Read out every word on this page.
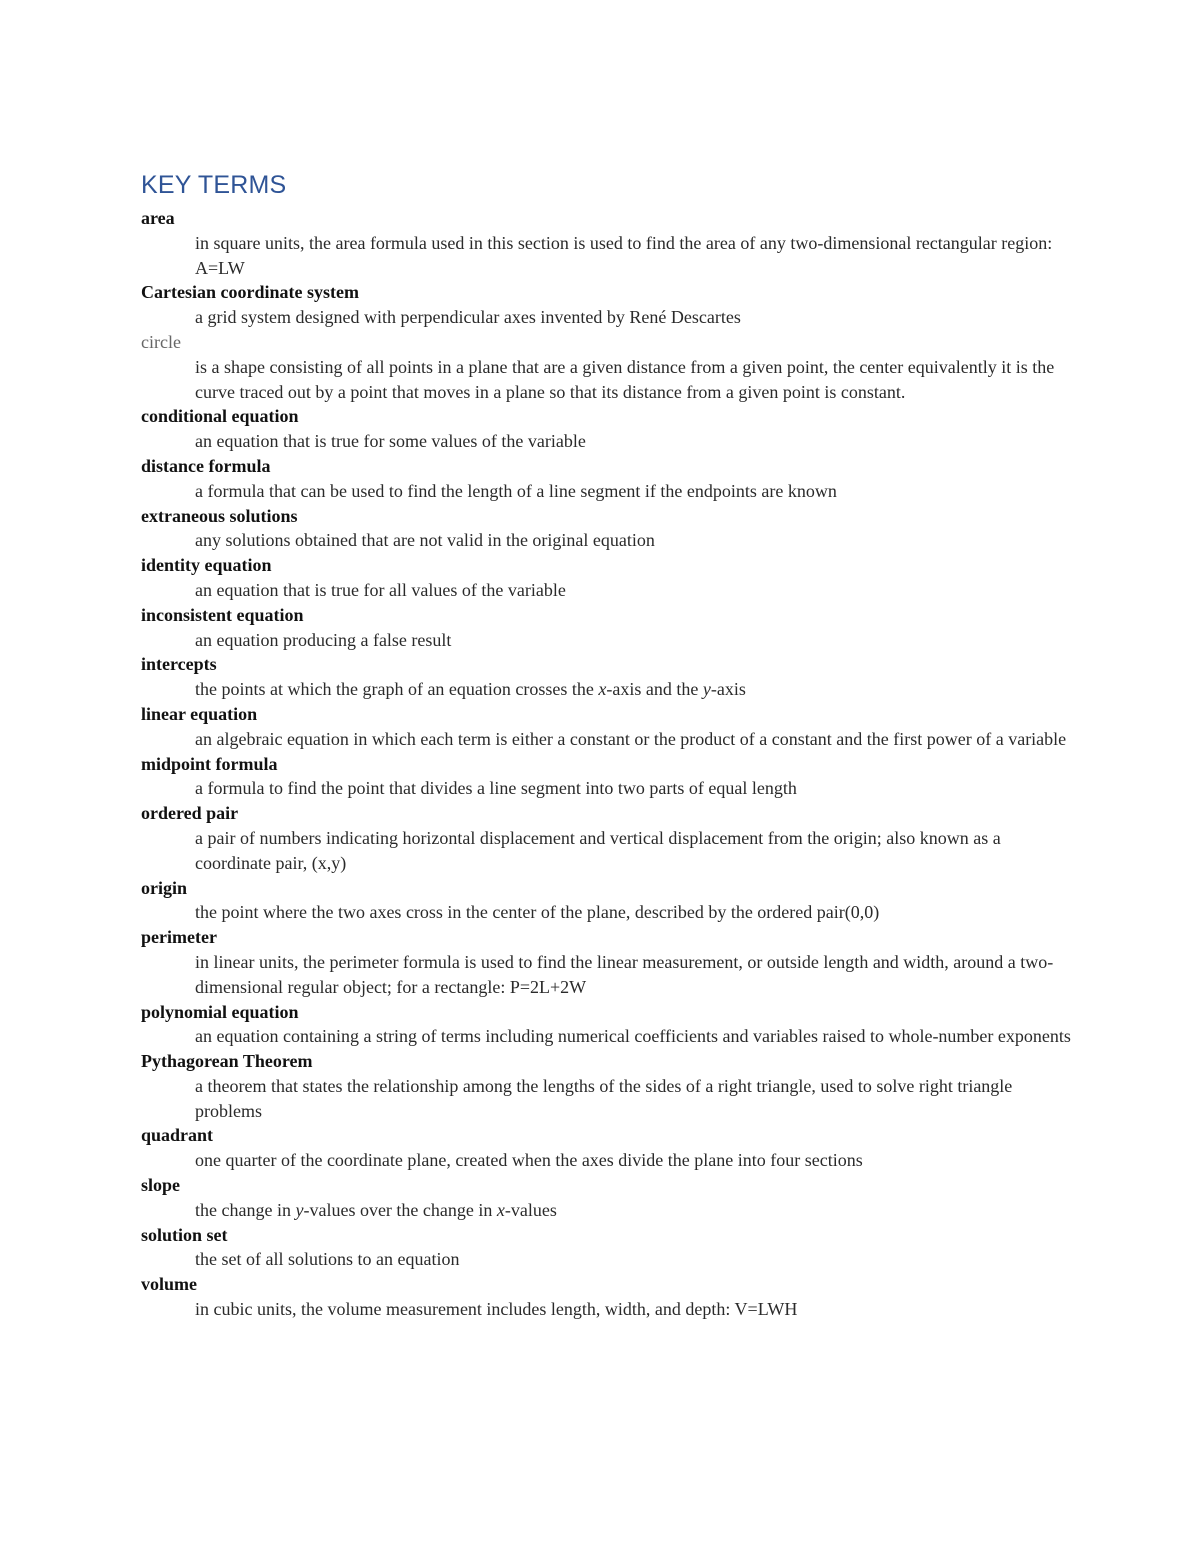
KEY TERMS

area

in square units, the area formula used in this section is used to find the area of any two-dimensional rectangular region: A=LW

Cartesian coordinate system

a grid system designed with perpendicular axes invented by René Descartes

circle

is a shape consisting of all points in a plane that are a given distance from a given point, the center equivalently it is the curve traced out by a point that moves in a plane so that its distance from a given point is constant.

conditional equation

an equation that is true for some values of the variable

distance formula

a formula that can be used to find the length of a line segment if the endpoints are known

extraneous solutions

any solutions obtained that are not valid in the original equation

identity equation

an equation that is true for all values of the variable

inconsistent equation

an equation producing a false result

intercepts

the points at which the graph of an equation crosses the x-axis and the y-axis

linear equation

an algebraic equation in which each term is either a constant or the product of a constant and the first power of a variable

midpoint formula

a formula to find the point that divides a line segment into two parts of equal length

ordered pair

a pair of numbers indicating horizontal displacement and vertical displacement from the origin; also known as a coordinate pair, (x,y)

origin

the point where the two axes cross in the center of the plane, described by the ordered pair(0,0)

perimeter

in linear units, the perimeter formula is used to find the linear measurement, or outside length and width, around a two-dimensional regular object; for a rectangle: P=2L+2W

polynomial equation

an equation containing a string of terms including numerical coefficients and variables raised to whole-number exponents

Pythagorean Theorem

a theorem that states the relationship among the lengths of the sides of a right triangle, used to solve right triangle problems

quadrant

one quarter of the coordinate plane, created when the axes divide the plane into four sections

slope

the change in y-values over the change in x-values

solution set

the set of all solutions to an equation

volume

in cubic units, the volume measurement includes length, width, and depth: V=LWH
